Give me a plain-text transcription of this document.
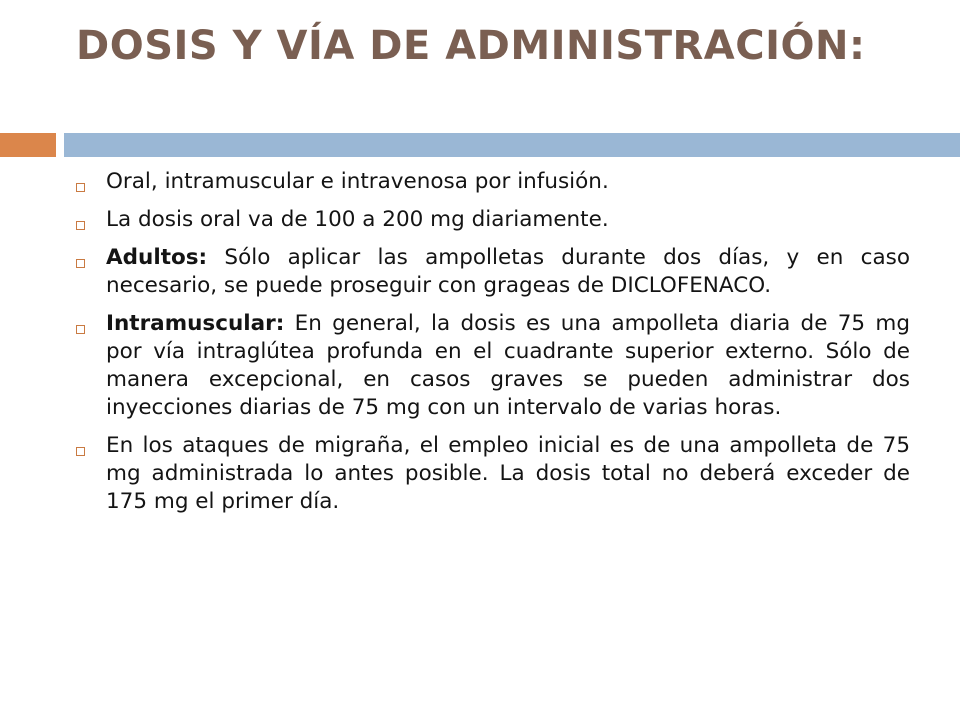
DOSIS Y VÍA DE ADMINISTRACIÓN:
Oral, intramuscular e intravenosa por infusión.
La dosis oral va de 100 a 200 mg diariamente.
Adultos: Sólo aplicar las ampolletas durante dos días, y en caso necesario, se puede proseguir con grageas de DICLOFENACO.
Intramuscular: En general, la dosis es una ampolleta diaria de 75 mg por vía intraglútea profunda en el cuadrante superior externo. Sólo de manera excepcional, en casos graves se pueden administrar dos inyecciones diarias de 75 mg con un intervalo de varias horas.
En los ataques de migraña, el empleo inicial es de una ampolleta de 75 mg administrada lo antes posible. La dosis total no deberá exceder de 175 mg el primer día.
